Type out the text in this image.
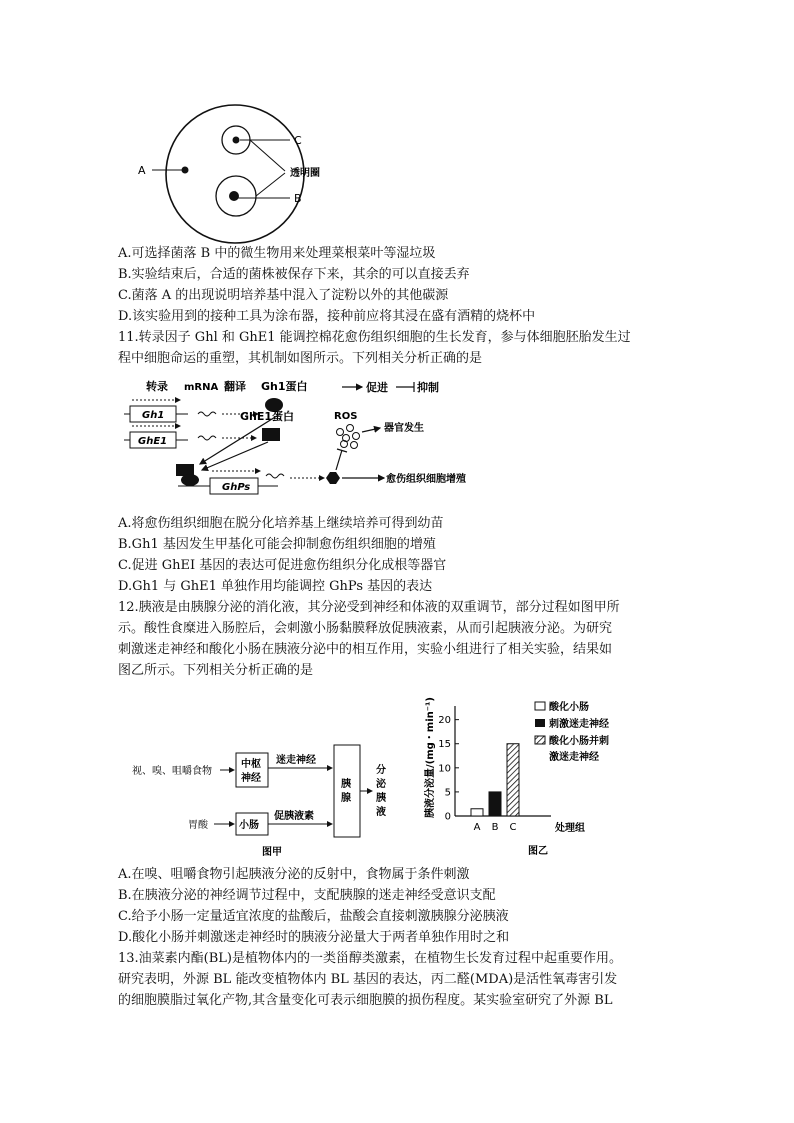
A
C
B
透明圈
A.可选择菌落 B 中的微生物用来处理菜根菜叶等湿垃圾
B.实验结束后，合适的菌株被保存下来，其余的可以直接丢弃
C.菌落 A 的出现说明培养基中混入了淀粉以外的其他碳源
D.该实验用到的接种工具为涂布器，接种前应将其浸在盛有酒精的烧杯中
11.转录因子 Ghl 和 GhE1 能调控棉花愈伤组织细胞的生长发育，参与体细胞胚胎发生过
程中细胞命运的重塑，其机制如图所示。下列相关分析正确的是
转录 mRNA 翻译 Gh1蛋白	促进	抑制
Gh1	GhE1蛋白
GhE1
GhPs
愈伤组织细胞增殖
ROS
器官发生
A.将愈伤组织细胞在脱分化培养基上继续培养可得到幼苗
B.Gh1 基因发生甲基化可能会抑制愈伤组织细胞的增殖
C.促进 GhEI 基因的表达可促进愈伤组织分化成根等器官
D.Gh1 与 GhE1 单独作用均能调控 GhPs 基因的表达
12.胰液是由胰腺分泌的消化液，其分泌受到神经和体液的双重调节，部分过程如图甲所
示。酸性食糜进入肠腔后，会刺激小肠黏膜释放促胰液素，从而引起胰液分泌。为研究
刺激迷走神经和酸化小肠在胰液分泌中的相互作用，实验小组进行了相关实验，结果如
图乙所示。下列相关分析正确的是
视、嗅、咀嚼食物
中枢
神经
迷走神经
胃酸	小肠
促胰液素
胰
腺
分
泌
胰
液
图甲
胰液分泌量/(mg・min⁻¹)
处理组
图乙
酸化小肠
刺激迷走神经
酸化小肠并刺
激迷走神经
0
5
10
15
20
A B C
A.在嗅、咀嚼食物引起胰液分泌的反射中，食物属于条件刺激
B.在胰液分泌的神经调节过程中，支配胰腺的迷走神经受意识支配
C.给予小肠一定量适宜浓度的盐酸后，盐酸会直接刺激胰腺分泌胰液
D.酸化小肠并刺激迷走神经时的胰液分泌量大于两者单独作用时之和
13.油菜素内酯(BL)是植物体内的一类甾醇类激素，在植物生长发育过程中起重要作用。
研究表明，外源 BL 能改变植物体内 BL 基因的表达，丙二醛(MDA)是活性氧毒害引发
的细胞膜脂过氧化产物,其含量变化可表示细胞膜的损伤程度。某实验室研究了外源 BL
